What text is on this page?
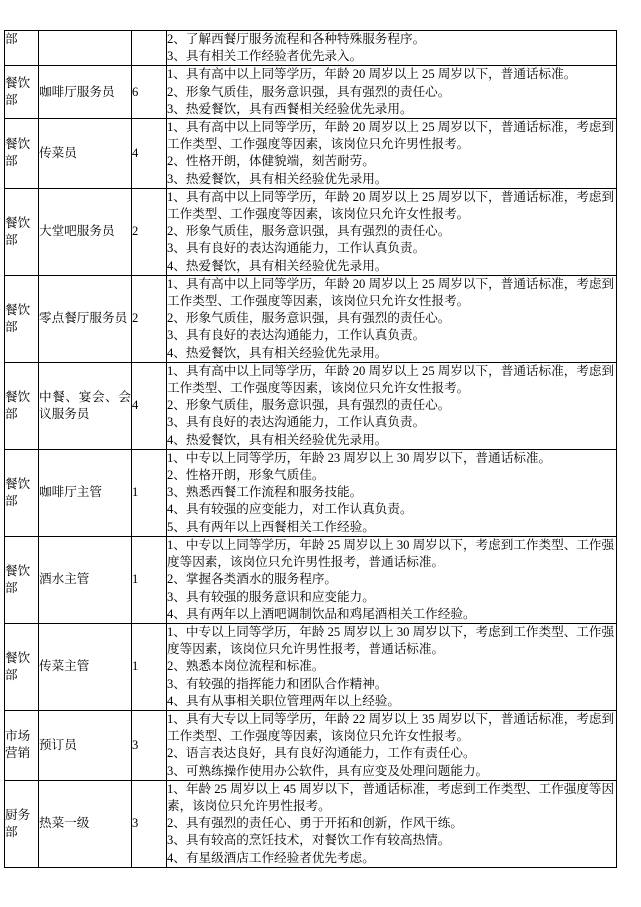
部			2、了解西餐厅服务流程和各种特殊服务程序。
3、具有相关工作经验者优先录入。

餐饮部	咖啡厅服务员	6	1、具有高中以上同等学历，年龄 20 周岁以上 25 周岁以下，普通话标准。
2、形象气质佳，服务意识强，具有强烈的责任心。
3、热爱餐饮，具有西餐相关经验优先录用。

餐饮部	传菜员	4	1、具有高中以上同等学历，年龄 20 周岁以上 25 周岁以下，普通话标准，考虑到工作类型、工作强度等因素，该岗位只允许男性报考。
2、性格开朗，体健貌端，刻苦耐劳。
3、热爱餐饮，具有相关经验优先录用。

餐饮部	大堂吧服务员	2	1、具有高中以上同等学历，年龄 20 周岁以上 25 周岁以下，普通话标准，考虑到工作类型、工作强度等因素，该岗位只允许女性报考。
2、形象气质佳，服务意识强，具有强烈的责任心。
3、具有良好的表达沟通能力，工作认真负责。
4、热爱餐饮，具有相关经验优先录用。

餐饮部	零点餐厅服务员	2	1、具有高中以上同等学历，年龄 20 周岁以上 25 周岁以下，普通话标准，考虑到工作类型、工作强度等因素，该岗位只允许女性报考。
2、形象气质佳，服务意识强，具有强烈的责任心。
3、具有良好的表达沟通能力，工作认真负责。
4、热爱餐饮，具有相关经验优先录用。

餐饮部	中餐、宴会、会议服务员	4	1、具有高中以上同等学历，年龄 20 周岁以上 25 周岁以下，普通话标准，考虑到工作类型、工作强度等因素，该岗位只允许女性报考。
2、形象气质佳，服务意识强，具有强烈的责任心。
3、具有良好的表达沟通能力，工作认真负责。
4、热爱餐饮，具有相关经验优先录用。

餐饮部	咖啡厅主管	1	1、中专以上同等学历，年龄 23 周岁以上 30 周岁以下，普通话标准。
2、性格开朗，形象气质佳。
3、熟悉西餐工作流程和服务技能。
4、具有较强的应变能力，对工作认真负责。
5、具有两年以上西餐相关工作经验。

餐饮部	酒水主管	1	1、中专以上同等学历，年龄 25 周岁以上 30 周岁以下，考虑到工作类型、工作强度等因素，该岗位只允许男性报考，普通话标准。
2、掌握各类酒水的服务程序。
3、具有较强的服务意识和应变能力。
4、具有两年以上酒吧调制饮品和鸡尾酒相关工作经验。

餐饮部	传菜主管	1	1、中专以上同等学历，年龄 25 周岁以上 30 周岁以下，考虑到工作类型、工作强度等因素，该岗位只允许男性报考，普通话标准。
2、熟悉本岗位流程和标准。
3、有较强的指挥能力和团队合作精神。
4、具有从事相关职位管理两年以上经验。

市场营销	预订员	3	1、具有大专以上同等学历，年龄 22 周岁以上 35 周岁以下，普通话标准，考虑到工作类型、工作强度等因素，该岗位只允许女性报考。
2、语言表达良好，具有良好沟通能力，工作有责任心。
3、可熟练操作使用办公软件，具有应变及处理问题能力。

厨务部	热菜一级	3	1、年龄 25 周岁以上 45 周岁以下，普通话标准，考虑到工作类型、工作强度等因素，该岗位只允许男性报考。
2、具有强烈的责任心、勇于开拓和创新，作风干练。
3、具有较高的烹饪技术，对餐饮工作有较高热情。
4、有星级酒店工作经验者优先考虑。
